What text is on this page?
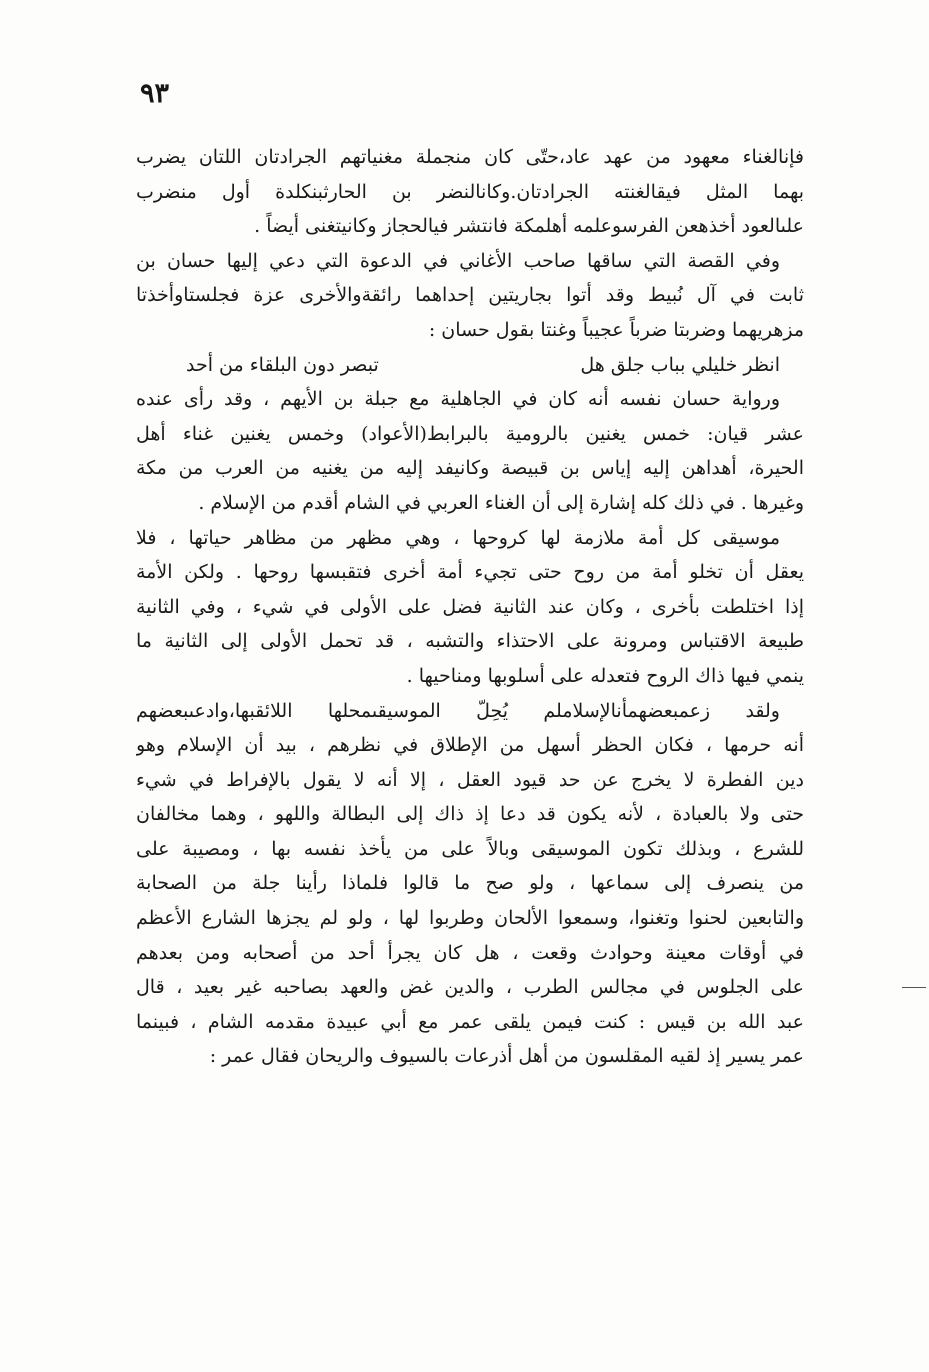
٩٣
فإنالغناء معهود من عهد عاد،حتّى كان منجملة مغنياتهم الجرادتان اللتان يضرب
بهما المثل فيقالغنته الجرادتان.وكانالنضر بن الحارثبنكلدة أول منضرب
علىالعود أخذهعن الفرسوعلمه أهلمكة فانتشر فيالحجاز وكانيتغنى أيضاً .
وفي القصة التي ساقها صاحب الأغاني في الدعوة التي دعي إليها حسان بن
ثابت في آل نُبيط وقد أتوا بجاريتين إحداهما رائقةوالأخرى عزة فجلستاوأخذتا
مزهريهما وضربتا ضرباً عجيباً وغنتا بقول حسان :
انظر خليلي بباب جلق هل
تبصر دون البلقاء من أحد
ورواية حسان نفسه أنه كان في الجاهلية مع جبلة بن الأيهم ، وقد رأى عنده
عشر قيان: خمس يغنين بالرومية بالبرابط(الأعواد) وخمس يغنين غناء أهل
الحيرة، أهداهن إليه إياس بن قبيصة وكانيفد إليه من يغنيه من العرب من مكة
وغيرها . في ذلك كله إشارة إلى أن الغناء العربي في الشام أقدم من الإسلام .
موسيقى كل أمة ملازمة لها كروحها ، وهي مظهر من مظاهر حياتها ، فلا
يعقل أن تخلو أمة من روح حتى تجيء أمة أخرى فتقبسها روحها . ولكن الأمة
إذا اختلطت بأخرى ، وكان عند الثانية فضل على الأولى في شيء ، وفي الثانية
طبيعة الاقتباس ومرونة على الاحتذاء والتشبه ، قد تحمل الأولى إلى الثانية ما
ينمي فيها ذاك الروح فتعدله على أسلوبها ومناحيها .
ولقد زعمبعضهمأنالإسلاملم يُحِلّ الموسيقىمحلها اللائقبها،وادعىبعضهم
أنه حرمها ، فكان الحظر أسهل من الإطلاق في نظرهم ، بيد أن الإسلام وهو
دين الفطرة لا يخرج عن حد قيود العقل ، إلا أنه لا يقول بالإفراط في شيء
حتى ولا بالعبادة ، لأنه يكون قد دعا إذ ذاك إلى البطالة واللهو ، وهما مخالفان
للشرع ، وبذلك تكون الموسيقى وبالاً على من يأخذ نفسه بها ، ومصيبة على
من ينصرف إلى سماعها ، ولو صح ما قالوا فلماذا رأينا جلة من الصحابة
والتابعين لحنوا وتغنوا، وسمعوا الألحان وطربوا لها ، ولو لم يجزها الشارع الأعظم
في أوقات معينة وحوادث وقعت ، هل كان يجرأ أحد من أصحابه ومن بعدهم
على الجلوس في مجالس الطرب ، والدين غض والعهد بصاحبه غير بعيد ، قال
عبد الله بن قيس : كنت فيمن يلقى عمر مع أبي عبيدة مقدمه الشام ، فبينما
عمر يسير إذ لقيه المقلسون من أهل أذرعات بالسيوف والريحان فقال عمر :
